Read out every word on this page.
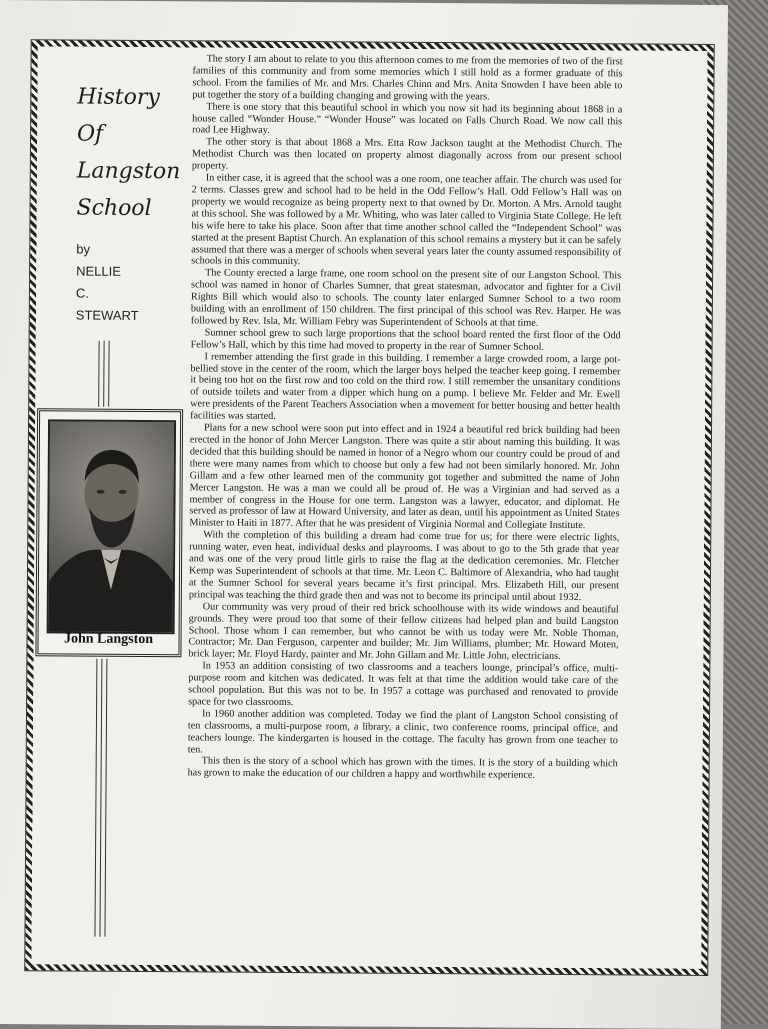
History
Of
Langston
School
by
NELLIE
C.
STEWART
John Langston

The story I am about to relate to you this afternoon comes to me from the memories of two of the first families of this community and from some memories which I still hold as a former graduate of this school. From the families of Mr. and Mrs. Charles Chinn and Mrs. Anita Snowden I have been able to put together the story of a building changing and growing with the years.

There is one story that this beautiful school in which you now sit had its beginning about 1868 in a house called “Wonder House.” “Wonder House” was located on Falls Church Road. We now call this road Lee Highway.

The other story is that about 1868 a Mrs. Etta Row Jackson taught at the Methodist Church. The Methodist Church was then located on property almost diagonally across from our present school property.

In either case, it is agreed that the school was a one room, one teacher affair. The church was used for 2 terms. Classes grew and school had to be held in the Odd Fellow’s Hall. Odd Fellow’s Hall was on property we would recognize as being property next to that owned by Dr. Morton. A Mrs. Arnold taught at this school. She was followed by a Mr. Whiting, who was later called to Virginia State College. He left his wife here to take his place. Soon after that time another school called the “Independent School” was started at the present Baptist Church. An explanation of this school remains a mystery but it can be safely assumed that there was a merger of schools when several years later the county assumed responsibility of schools in this community.

The County erected a large frame, one room school on the present site of our Langston School. This school was named in honor of Charles Sumner, that great statesman, advocator and fighter for a Civil Rights Bill which would also to schools. The county later enlarged Sumner School to a two room building with an enrollment of 150 children. The first principal of this school was Rev. Harper. He was followed by Rev. Isla, Mr. William Febry was Superintendent of Schools at that time.

Sumner school grew to such large proportions that the school board rented the first floor of the Odd Fellow’s Hall, which by this time had moved to property in the rear of Sumner School.

I remember attending the first grade in this building. I remember a large crowded room, a large pot-bellied stove in the center of the room, which the larger boys helped the teacher keep going. I remember it being too hot on the first row and too cold on the third row. I still remember the unsanitary conditions of outside toilets and water from a dipper which hung on a pump. I believe Mr. Felder and Mr. Ewell were presidents of the Parent Teachers Association when a movement for better housing and better health facilities was started.

Plans for a new school were soon put into effect and in 1924 a beautiful red brick building had been erected in the honor of John Mercer Langston. There was quite a stir about naming this building. It was decided that this building should be named in honor of a Negro whom our country could be proud of and there were many names from which to choose but only a few had not been similarly honored. Mr. John Gillam and a few other learned men of the community got together and submitted the name of John Mercer Langston. He was a man we could all be proud of. He was a Virginian and had served as a member of congress in the House for one term. Langston was a lawyer, educator, and diplomat. He served as professor of law at Howard University, and later as dean, until his appointment as United States Minister to Haiti in 1877. After that he was president of Virginia Normal and Collegiate Institute.

With the completion of this building a dream had come true for us; for there were electric lights, running water, even heat, individual desks and playrooms. I was about to go to the 5th grade that year and was one of the very proud little girls to raise the flag at the dedication ceremonies. Mr. Fletcher Kemp was Superintendent of schools at that time. Mr. Leon C. Baltimore of Alexandria, who had taught at the Sumner School for several years became it’s first principal. Mrs. Elizabeth Hill, our present principal was teaching the third grade then and was not to become its principal until about 1932.

Our community was very proud of their red brick schoolhouse with its wide windows and beautiful grounds. They were proud too that some of their fellow citizens had helped plan and build Langston School. Those whom I can remember, but who cannot be with us today were Mr. Noble Thoman, Contractor; Mr. Dan Ferguson, carpenter and builder; Mr. Jim Williams, plumber; Mr. Howard Moten, brick layer; Mr. Floyd Hardy, painter and Mr. John Gillam and Mr. Little John, electricians.

In 1953 an addition consisting of two classrooms and a teachers lounge, principal’s office, multi-purpose room and kitchen was dedicated. It was felt at that time the addition would take care of the school population. But this was not to be. In 1957 a cottage was purchased and renovated to provide space for two classrooms.

In 1960 another addition was completed. Today we find the plant of Langston School consisting of ten classrooms, a multi-purpose room, a library, a clinic, two conference rooms, principal office, and teachers lounge. The kindergarten is housed in the cottage. The faculty has grown from one teacher to ten.

This then is the story of a school which has grown with the times. It is the story of a building which has grown to make the education of our children a happy and worthwhile experience.
